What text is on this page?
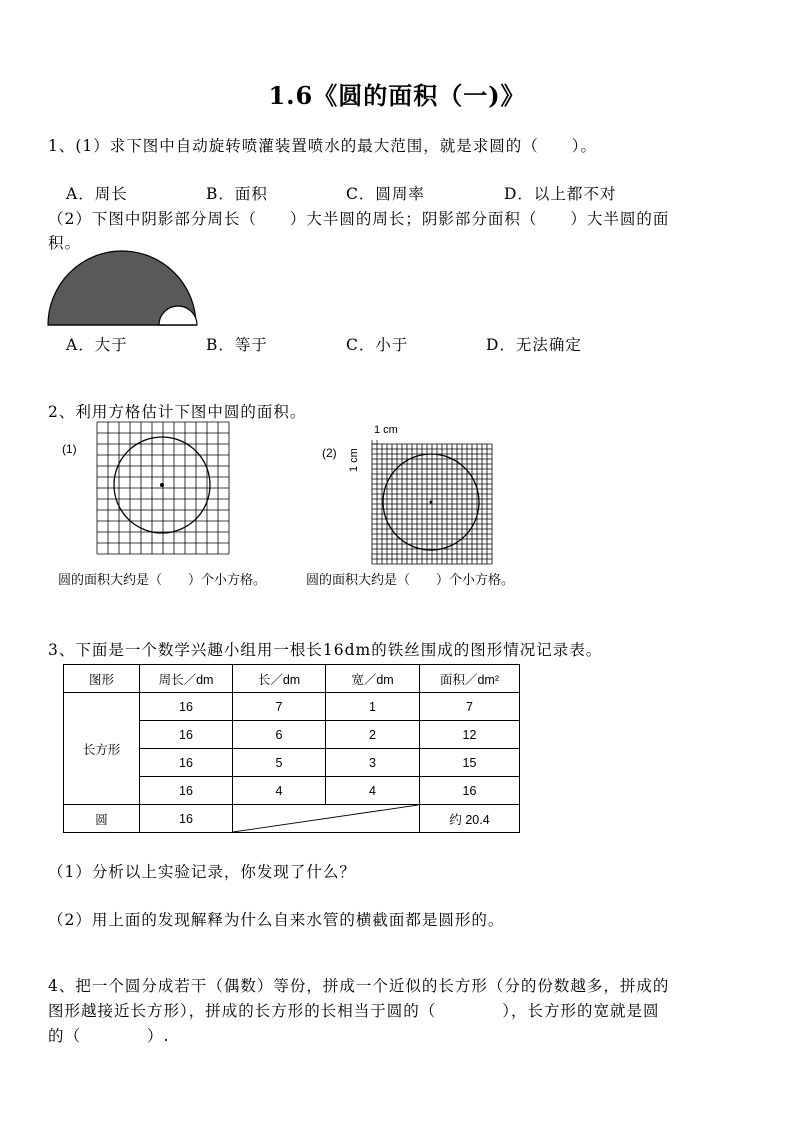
1.6《圆的面积（一)》
1、(1）求下图中自动旋转喷灌装置喷水的最大范围，就是求圆的（　　）。
A．周长	B．面积	C．圆周率	D．以上都不对
（2）下图中阴影部分周长（　　）大半圆的周长；阴影部分面积（　　）大半圆的面
积。
A．大于	B．等于	C．小于	D．无法确定
2、利用方格估计下图中圆的面积。
(1)	(2)
1 cm
1 cm
圆的面积大约是（　　）个小方格。	圆的面积大约是（　　）个小方格。
3、下面是一个数学兴趣小组用一根长16dm的铁丝围成的图形情况记录表。
图形	周长／dm	长／dm	宽／dm	面积／dm²
长方形	16	7	1	7
	16	6	2	12
	16	5	3	15
	16	4	4	16
圆	16			约 20.4
（1）分析以上实验记录，你发现了什么？
（2）用上面的发现解释为什么自来水管的横截面都是圆形的。
4、把一个圆分成若干（偶数）等份，拼成一个近似的长方形（分的份数越多，拼成的
图形越接近长方形），拼成的长方形的长相当于圆的（　　　　），长方形的宽就是圆
的（　　　　）.
